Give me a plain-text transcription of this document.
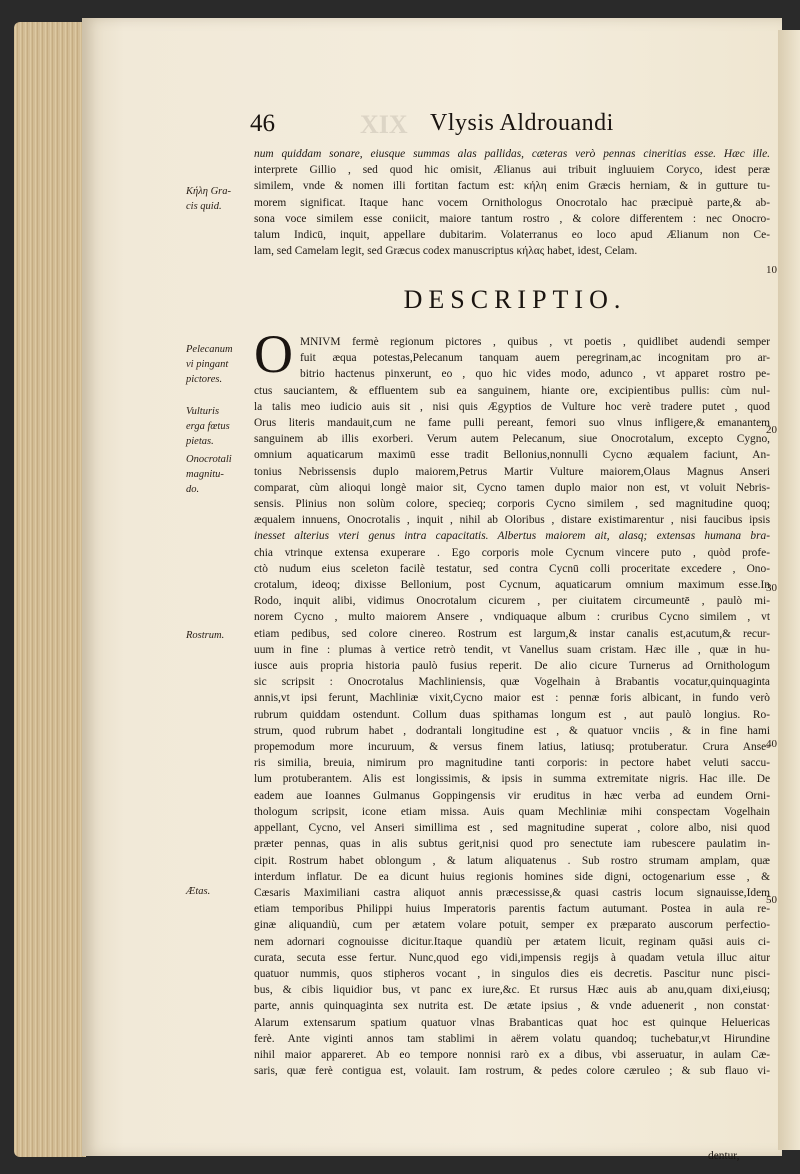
XIX
46	Vlysis Aldrouandi
num quiddam sonare, eiusque summas alas pallidas, cæteras verò pennas cineritias esse. Hæc ille.
interprete Gillio , sed quod hic omisit, Ælianus aui tribuit ingluuiem Coryco, idest peræ
similem, vnde & nomen illi fortitan factum est: κήλη enim Græcis herniam, & in gutture tu-
morem significat. Itaque hanc vocem Ornithologus Onocrotalo hac præcipuè parte,& ab-
sona voce similem esse coniicit, maiore tantum rostro , & colore differentem : nec Onocro-
talum Indicū, inquit, appellare dubitarim. Volaterranus eo loco apud Ælianum non Ce-
lam, sed Camelam legit, sed Græcus codex manuscriptus κήλας habet, idest, Celam.
Κήλη Gra-
cis quid.
Pelecanum
vi pingant
pictores.
Vulturis
erga fœtus
pietas.
Onocrotali
magnitu-
do.
Rostrum.
Ætas.
10
20
30
40
50
DESCRIPTIO.
O MNIVM fermè regionum pictores , quibus , vt poetis , quidlibet audendi semper
fuit æqua potestas,Pelecanum tanquam auem peregrinam,ac incognitam pro ar-
bitrio hactenus pinxerunt, eo , quo hic vides modo, adunco , vt apparet rostro pe-
ctus sauciantem, & effluentem sub ea sanguinem, hiante ore, excipientibus pullis: cùm nul-
la talis meo iudicio auis sit , nisi quis Ægyptios de Vulture hoc verè tradere putet , quod
Orus literis mandauit,cum ne fame pulli pereant, femori suo vlnus infligere,& emanantem
sanguinem ab illis exorberi. Verum autem Pelecanum, siue Onocrotalum, excepto Cygno,
omnium aquaticarum maximū esse tradit Bellonius,nonnulli Cycno æqualem faciunt, An-
tonius Nebrissensis duplo maiorem,Petrus Martir Vulture maiorem,Olaus Magnus Anseri
comparat, cùm alioqui longè maior sit, Cycno tamen duplo maior non est, vt voluit Nebris-
sensis. Plinius non solùm colore, specieq; corporis Cycno similem , sed magnitudine quoq;
æqualem innuens, Onocrotalis , inquit , nihil ab Oloribus , distare existimarentur , nisi faucibus ipsis
inesset alterius vteri genus intra capacitatis. Albertus maiorem ait, alasq; extensas humana bra-
chia vtrinque extensa exuperare . Ego corporis mole Cycnum vincere puto , quòd profe-
ctò nudum eius sceleton facilè testatur, sed contra Cycnū colli proceritate excedere , Ono-
crotalum, ideoq; dixisse Bellonium, post Cycnum, aquaticarum omnium maximum esse.In
Rodo, inquit alibi, vidimus Onocrotalum cicurem , per ciuitatem circumeuntē , paulò mi-
norem Cycno , multo maiorem Ansere , vndiquaque album : cruribus Cycno similem , vt
etiam pedibus, sed colore cinereo. Rostrum est largum,& instar canalis est,acutum,& recur-
uum in fine : plumas à vertice retrò tendit, vt Vanellus suam cristam. Hæc ille , quæ in hu-
iusce auis propria historia paulò fusius reperit. De alio cicure Turnerus ad Ornithologum
sic scripsit : Onocrotalus Machliniensis, quæ Vogelhain à Brabantis vocatur,quinquaginta
annis,vt ipsi ferunt, Machliniæ vixit,Cycno maior est : pennæ foris albicant, in fundo verò
rubrum quiddam ostendunt. Collum duas spithamas longum est , aut paulò longius. Ro-
strum, quod rubrum habet , dodrantali longitudine est , & quatuor vnciis , & in fine hami
propemodum more incuruum, & versus finem latius, latiusq; protuberatur. Crura Anse-
ris similia, breuia, nimirum pro magnitudine tanti corporis: in pectore habet veluti saccu-
lum protuberantem. Alis est longissimis, & ipsis in summa extremitate nigris. Hac ille. De
eadem aue Ioannes Gulmanus Goppingensis vir eruditus in hæc verba ad eundem Orni-
thologum scripsit, icone etiam missa. Auis quam Mechliniæ mihi conspectam Vogelhain
appellant, Cycno, vel Anseri simillima est , sed magnitudine superat , colore albo, nisi quod
præter pennas, quas in alis subtus gerit,nisi quod pro senectute iam rubescere paulatim in-
cipit. Rostrum habet oblongum , & latum aliquatenus . Sub rostro strumam amplam, quæ
interdum inflatur. De ea dicunt huius regionis homines side digni, octogenarium esse , &
Cæsaris Maximiliani castra aliquot annis præcessisse,& quasi castris locum signauisse,Idem
etiam temporibus Philippi huius Imperatoris parentis factum autumant. Postea in aula re-
ginæ aliquandiù, cum per ætatem volare potuit, semper ex præparato auscorum perfectio-
nem adornari cognouisse dicitur.Itaque quandiù per ætatem licuit, reginam quāsi auis ci-
curata, secuta esse fertur. Nunc,quod ego vidi,impensis regijs à quadam vetula illuc aitur
quatuor nummis, quos stipheros vocant , in singulos dies eis decretis. Pascitur nunc pisci-
bus, & cibis liquidior bus, vt panc ex iure,&c. Et rursus Hæc auis ab anu,quam dixi,eiusq;
parte, annis quinquaginta sex nutrita est. De ætate ipsius , & vnde aduenerit , non constat·
Alarum extensarum spatium quatuor vlnas Brabanticas quat hoc est quinque Heluericas
ferè. Ante viginti annos tam stablimi in aërem volatu quandoq; tuchebatur,vt Hirundine
nihil maior appareret. Ab eo tempore nonnisi rarò ex a dibus, vbi asseruatur, in aulam Cæ-
saris, quæ ferè contigua est, volauit. Iam rostrum, & pedes colore cæruleo ; & sub flauo vi-
dentur,
